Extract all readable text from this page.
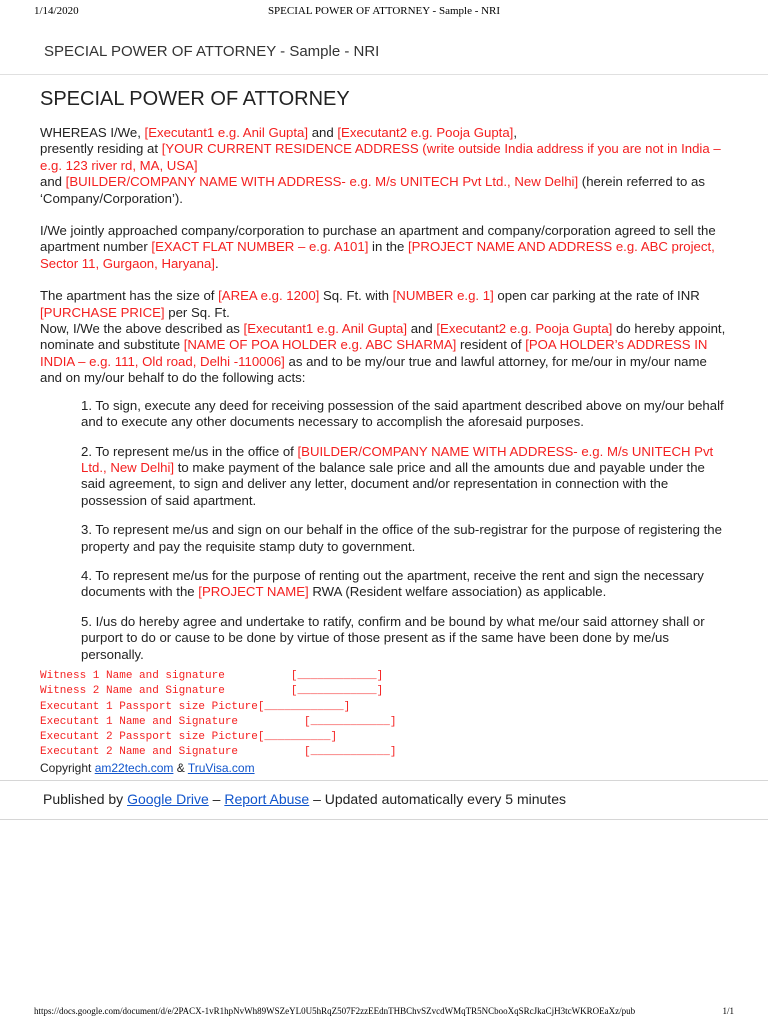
1/14/2020	SPECIAL POWER OF ATTORNEY - Sample - NRI
SPECIAL POWER OF ATTORNEY - Sample - NRI
SPECIAL POWER OF ATTORNEY

WHEREAS I/We, [Executant1 e.g. Anil Gupta] and [Executant2 e.g. Pooja Gupta],
presently residing at [YOUR CURRENT RESIDENCE ADDRESS (write outside India address if you are not in India – e.g. 123 river rd, MA, USA]
and [BUILDER/COMPANY NAME WITH ADDRESS- e.g. M/s UNITECH Pvt Ltd., New Delhi] (herein referred to as ‘Company/Corporation’).

I/We jointly approached company/corporation to purchase an apartment and company/corporation agreed to sell the apartment number [EXACT FLAT NUMBER – e.g. A101] in the [PROJECT NAME AND ADDRESS e.g. ABC project, Sector 11, Gurgaon, Haryana].

The apartment has the size of [AREA e.g. 1200] Sq. Ft. with [NUMBER e.g. 1] open car parking at the rate of INR [PURCHASE PRICE] per Sq. Ft.

Now, I/We the above described as [Executant1 e.g. Anil Gupta] and [Executant2 e.g. Pooja Gupta] do hereby appoint, nominate and substitute [NAME OF POA HOLDER e.g. ABC SHARMA] resident of [POA HOLDER’s ADDRESS IN INDIA – e.g. 111, Old road, Delhi -110006] as and to be my/our true and lawful attorney, for me/our in my/our name and on my/our behalf to do the following acts:

1. To sign, execute any deed for receiving possession of the said apartment described above on my/our behalf and to execute any other documents necessary to accomplish the aforesaid purposes.

2. To represent me/us in the office of [BUILDER/COMPANY NAME WITH ADDRESS- e.g. M/s UNITECH Pvt Ltd., New Delhi] to make payment of the balance sale price and all the amounts due and payable under the said agreement, to sign and deliver any letter, document and/or representation in connection with the possession of said apartment.

3. To represent me/us and sign on our behalf in the office of the sub-registrar for the purpose of registering the property and pay the requisite stamp duty to government.

4. To represent me/us for the purpose of renting out the apartment, receive the rent and sign the necessary documents with the [PROJECT NAME] RWA (Resident welfare association) as applicable.

5. I/us do hereby agree and undertake to ratify, confirm and be bound by what me/our said attorney shall or purport to do or cause to be done by virtue of those present as if the same have been done by me/us personally.

Witness 1 Name and signature          [____________]
Witness 2 Name and Signature          [____________]
Executant 1 Passport size Picture[____________]
Executant 1 Name and Signature          [____________]
Executant 2 Passport size Picture[__________]
Executant 2 Name and Signature          [____________]
Copyright am22tech.com & TruVisa.com
Published by Google Drive – Report Abuse – Updated automatically every 5 minutes
https://docs.google.com/document/d/e/2PACX-1vR1hpNvWh89WSZeYL0U5hRqZ507F2zzEEdnTHBChvSZvcdWMqTR5NCbooXqSRcJkaCjH3tcWKROEaXz/pub	1/1
